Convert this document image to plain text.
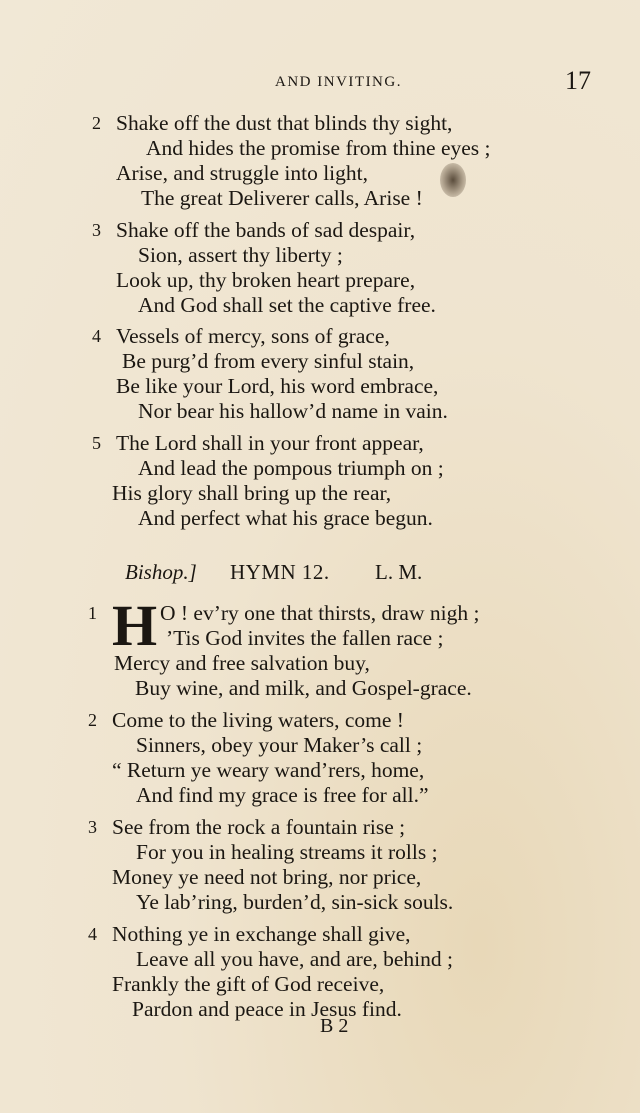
AND INVITING.	17
2 Shake off the dust that blinds thy sight,
And hides the promise from thine eyes ;
Arise, and struggle into light,
The great Deliverer calls, Arise !
3 Shake off the bands of sad despair,
Sion, assert thy liberty ;
Look up, thy broken heart prepare,
And God shall set the captive free.
4 Vessels of mercy, sons of grace,
Be purg’d from every sinful stain,
Be like your Lord, his word embrace,
Nor bear his hallow’d name in vain.
5 The Lord shall in your front appear,
And lead the pompous triumph on ;
His glory shall bring up the rear,
And perfect what his grace begun.
Bishop.] HYMN 12. L. M.
1 H O ! ev’ry one that thirsts, draw nigh ;
’Tis God invites the fallen race ;
Mercy and free salvation buy,
Buy wine, and milk, and Gospel-grace.
2 Come to the living waters, come !
Sinners, obey your Maker’s call ;
“ Return ye weary wand’rers, home,
And find my grace is free for all.”
3 See from the rock a fountain rise ;
For you in healing streams it rolls ;
Money ye need not bring, nor price,
Ye lab’ring, burden’d, sin-sick souls.
4 Nothing ye in exchange shall give,
Leave all you have, and are, behind ;
Frankly the gift of God receive,
Pardon and peace in Jesus find.
B 2
